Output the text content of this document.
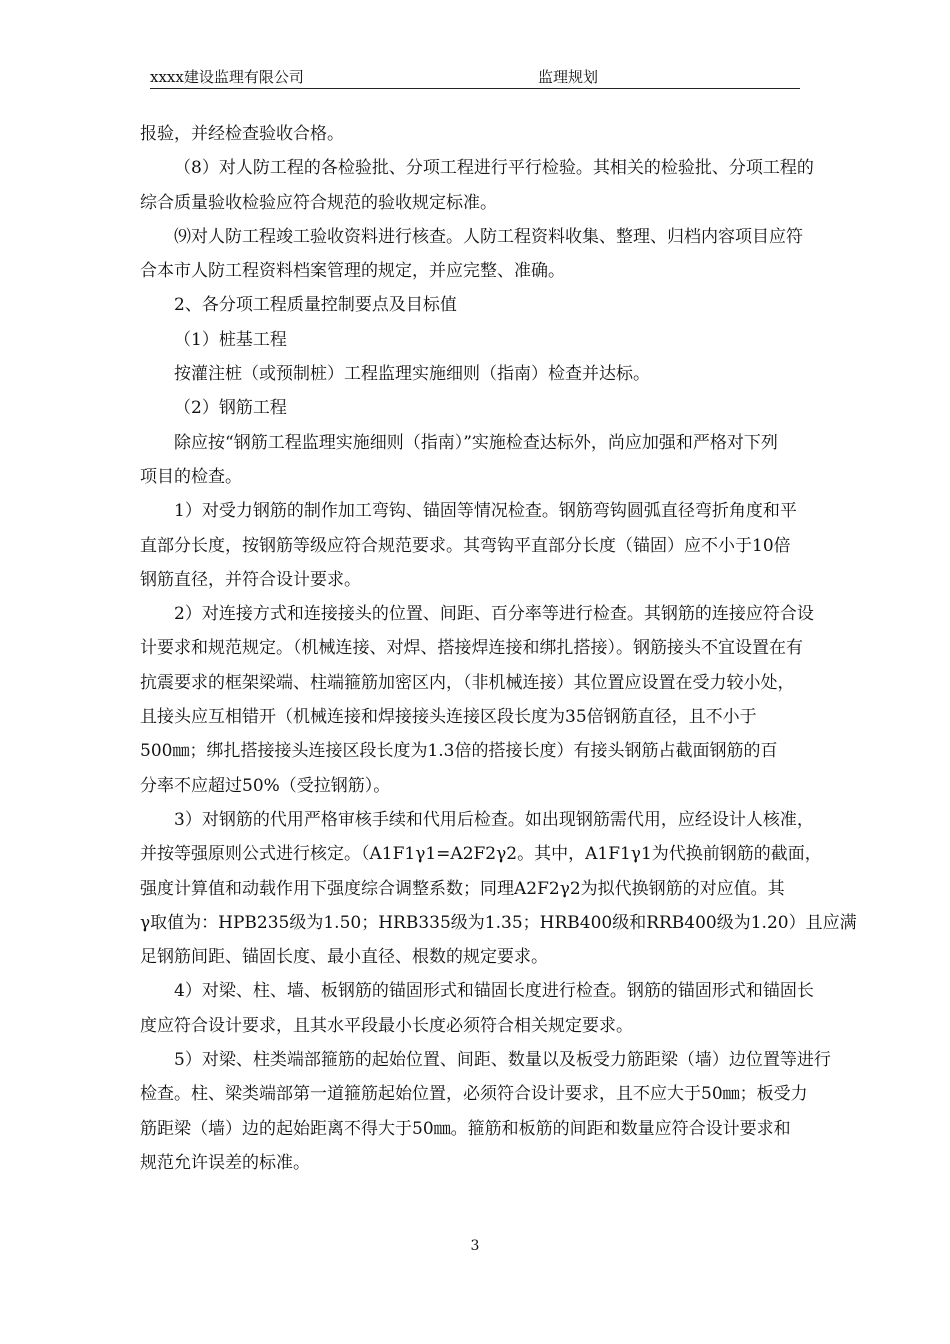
xxxx建设监理有限公司	监理规划
报验，并经检查验收合格。
（8）对人防工程的各检验批、分项工程进行平行检验。其相关的检验批、分项工程的
综合质量验收检验应符合规范的验收规定标准。
⑼对人防工程竣工验收资料进行核查。人防工程资料收集、整理、归档内容项目应符
合本市人防工程资料档案管理的规定，并应完整、准确。
2、各分项工程质量控制要点及目标值
（1）桩基工程
按灌注桩（或预制桩）工程监理实施细则（指南）检查并达标。
（2）钢筋工程
除应按“钢筋工程监理实施细则（指南）”实施检查达标外，尚应加强和严格对下列
项目的检查。
1）对受力钢筋的制作加工弯钩、锚固等情况检查。钢筋弯钩圆弧直径弯折角度和平
直部分长度，按钢筋等级应符合规范要求。其弯钩平直部分长度（锚固）应不小于10倍
钢筋直径，并符合设计要求。
2）对连接方式和连接接头的位置、间距、百分率等进行检查。其钢筋的连接应符合设
计要求和规范规定。（机械连接、对焊、搭接焊连接和绑扎搭接）。钢筋接头不宜设置在有
抗震要求的框架梁端、柱端箍筋加密区内，（非机械连接）其位置应设置在受力较小处，
且接头应互相错开（机械连接和焊接接头连接区段长度为35倍钢筋直径，且不小于
500㎜；绑扎搭接接头连接区段长度为1.3倍的搭接长度）有接头钢筋占截面钢筋的百
分率不应超过50%（受拉钢筋）。
3）对钢筋的代用严格审核手续和代用后检查。如出现钢筋需代用，应经设计人核准，
并按等强原则公式进行核定。（A1F1γ1=A2F2γ2。其中，A1F1γ1为代换前钢筋的截面，
强度计算值和动载作用下强度综合调整系数；同理A2F2γ2为拟代换钢筋的对应值。其
γ取值为：HPB235级为1.50；HRB335级为1.35；HRB400级和RRB400级为1.20）且应满
足钢筋间距、锚固长度、最小直径、根数的规定要求。
4）对梁、柱、墙、板钢筋的锚固形式和锚固长度进行检查。钢筋的锚固形式和锚固长
度应符合设计要求，且其水平段最小长度必须符合相关规定要求。
5）对梁、柱类端部箍筋的起始位置、间距、数量以及板受力筋距梁（墙）边位置等进行
检查。柱、梁类端部第一道箍筋起始位置，必须符合设计要求，且不应大于50㎜；板受力
筋距梁（墙）边的起始距离不得大于50㎜。箍筋和板筋的间距和数量应符合设计要求和
规范允许误差的标准。
3
